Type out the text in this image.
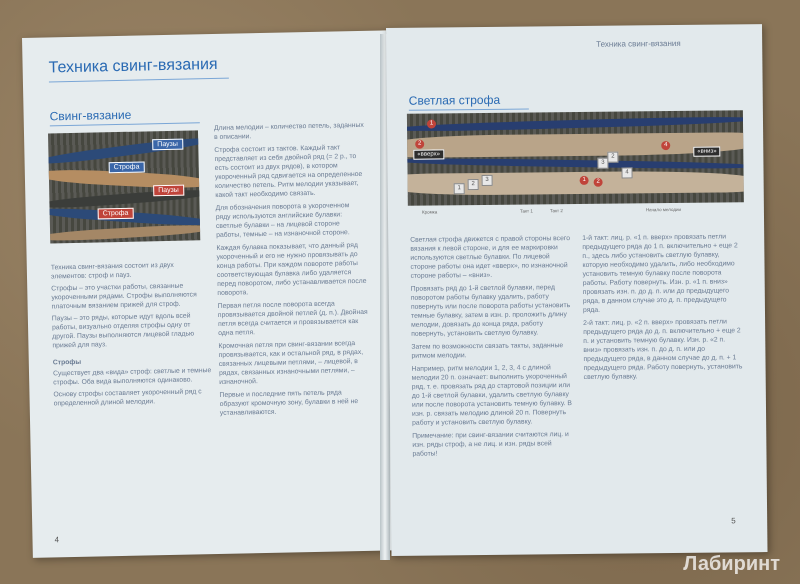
Техника свинг-вязания
Свинг-вязание
Паузы
Строфа
Паузы
Строфа
Техника свинг-вязания состоит из двух элементов: строф и пауз.
Строфы – это участки работы, связанные укороченными рядами. Строфы выполняются платочным вязанием прижей для строф.
Паузы – это ряды, которые идут вдоль всей работы, визуально отделяя строфы одну от другой. Паузы выполняются лицевой гладью прижей для пауз.
Строфы
Существует два «вида» строф: светлые и темные строфы. Оба вида выполняются одинаково.
Основу строфы составляет укороченный ряд с определенной длиной мелодии.
Длина мелодии – количество петель, заданных в описании.
Строфа состоит из тактов. Каждый такт представляет из себя двойной ряд (= 2 р., то есть состоит из двух рядов), в котором укороченный ряд сдвигается на определенное количество петель. Ритм мелодии указывает, какой такт необходимо связать.
Для обозначения поворота в укороченном ряду используются английские булавки: светлые булавки – на лицевой стороне работы, темные – на изнаночной стороне.
Каждая булавка показывает, что данный ряд укороченный и его не нужно провязывать до конца работы. При каждом повороте работы соответствующая булавка либо удаляется перед поворотом, либо устанавливается после поворота.
Первая петля после поворота всегда провязывается двойной петлей (д. п.). Двойная петля всегда считается и провязывается как одна петля.
Кромочная петля при свинг-вязании всегда провязывается, как и остальной ряд, в рядах, связанных лицевыми петлями, – лицевой, в рядах, связанных изнаночными петлями, – изнаночной.
Первые и последние пять петель ряда образуют кромочную зону, булавки в ней не устанавливаются.
4
Техника свинг-вязания
Светлая строфа
«вверх»	«вниз»
2
1
1	2
4
1
2
3
3
2
4
Кромка	Такт 1	Такт 2	Начало мелодии
Светлая строфа движется с правой стороны всего вязания к левой стороне, и для ее маркировки используются светлые булавки. По лицевой стороне работы она идет «вверх», по изнаночной стороне работы – «вниз».
Провязать ряд до 1-й светлой булавки, перед поворотом работы булавку удалить, работу повернуть или после поворота работы установить темные булавку, затем в изн. р. проложить длину мелодии, довязать до конца ряда, работу повернуть, установить светлую булавку.
Затем по возможности связать такты, заданные ритмом мелодии.
Например, ритм мелодии 1, 2, 3, 4 с длиной мелодии 20 п. означает: выполнить укороченный ряд, т. е. провязать ряд до стартовой позиции или до 1-й светлой булавки, удалить светлую булавку или после поворота установить темную булавку. В изн. р. связать мелодию длиной 20 п. Повернуть работу и установить светлую булавку.
Примечание: при свинг-вязании считаются лиц. и изн. ряды строф, а не лиц. и изн. ряды всей работы!
1-й такт: лиц. р. «1 п. вверх» провязать петли предыдущего ряда до 1 п. включительно + еще 2 п., здесь либо установить светлую булавку, которую необходимо удалить, либо необходимо установить темную булавку после поворота работы. Работу повернуть. Изн. р. «1 п. вниз» провязать изн. п. до д. п. или до предыдущего ряда, в данном случае это д. п. предыдущего ряда.
2-й такт: лиц. р. «2 п. вверх» провязать петли предыдущего ряда до д. п. включительно + еще 2 п. и установить темную булавку. Изн. р. «2 п. вниз» провязать изн. п. до д. п. или до предыдущего ряда, в данном случае до д. п. + 1 предыдущего ряда. Работу повернуть, установить светлую булавку.
5
Лабиринт
